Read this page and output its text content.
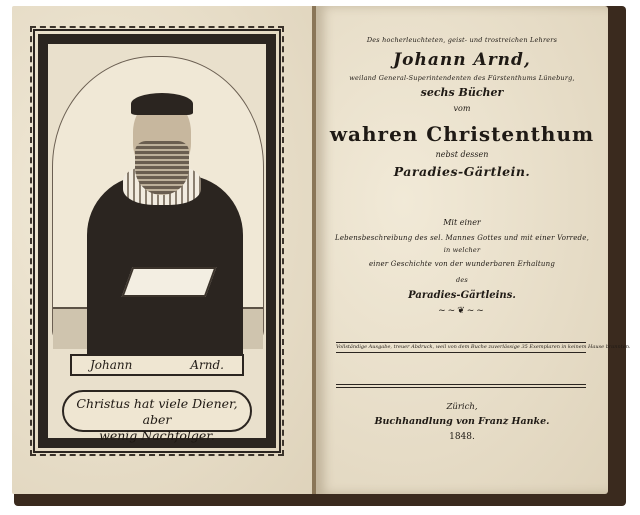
Johann	Arnd.
Christus hat viele Diener, aber
wenig Nachfolger.
Des hocherleuchteten, geist- und trostreichen Lehrers
Johann Arnd,
weiland General-Superintendenten des Fürstenthums Lüneburg,
sechs Bücher
vom
wahren Christenthum
nebst dessen
Paradies-Gärtlein.
Mit einer
Lebensbeschreibung des sel. Mannes Gottes und mit einer Vorrede,
in welcher
einer Geschichte von der wunderbaren Erhaltung
des
Paradies-Gärtleins.
~~❦~~
Vollständige Ausgabe, treuer Abdruck, weil von dem Buche zuverlässige 35 Exemplaren in keinem Hause brannten.
Zürich,
Buchhandlung von Franz Hanke.
1848.
